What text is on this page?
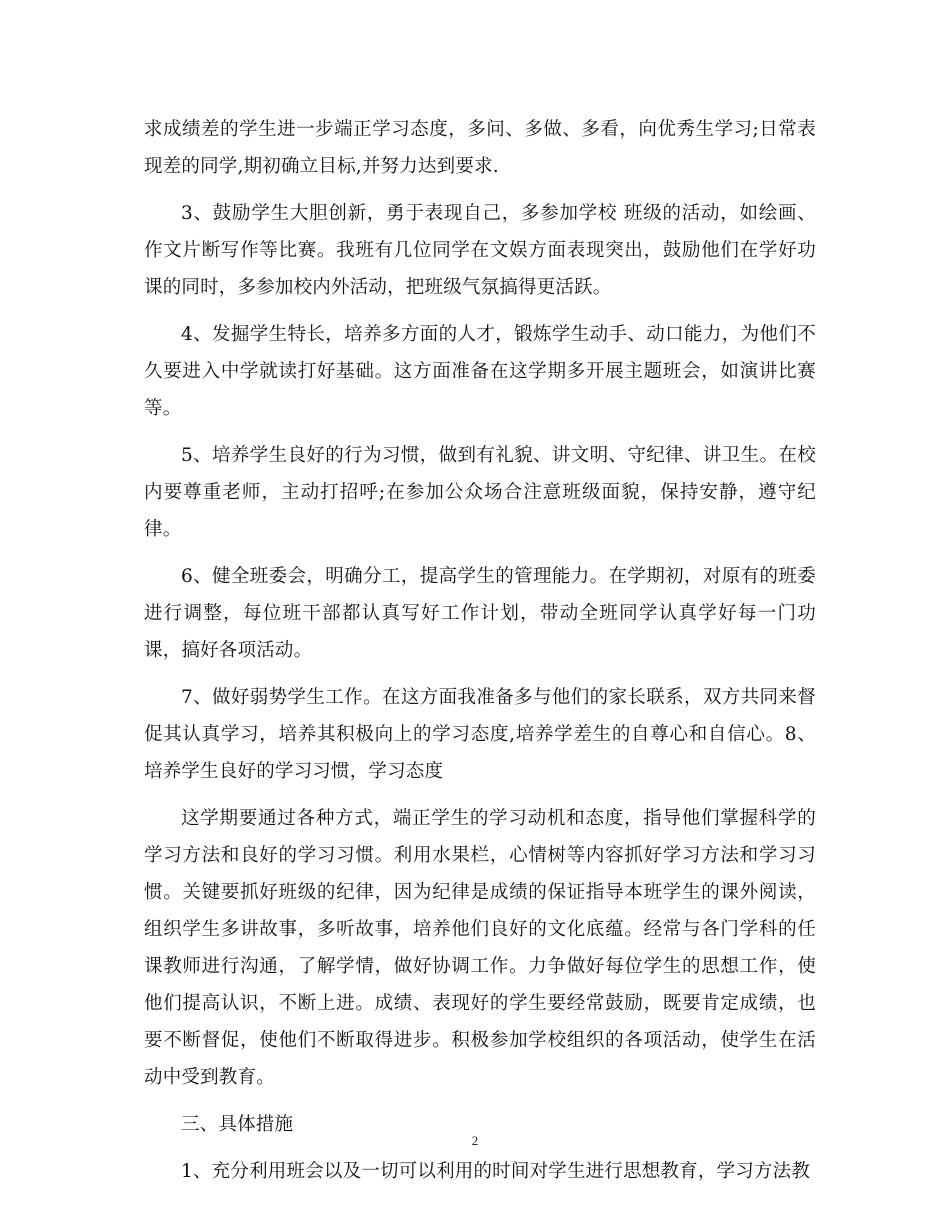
求成绩差的学生进一步端正学习态度，多问、多做、多看，向优秀生学习;日常表现差的同学,期初确立目标,并努力达到要求.

3、鼓励学生大胆创新，勇于表现自己，多参加学校 班级的活动，如绘画、作文片断写作等比赛。我班有几位同学在文娱方面表现突出，鼓励他们在学好功课的同时，多参加校内外活动，把班级气氛搞得更活跃。

4、发掘学生特长，培养多方面的人才，锻炼学生动手、动口能力，为他们不久要进入中学就读打好基础。这方面准备在这学期多开展主题班会，如演讲比赛等。

5、培养学生良好的行为习惯，做到有礼貌、讲文明、守纪律、讲卫生。在校内要尊重老师，主动打招呼;在参加公众场合注意班级面貌，保持安静，遵守纪律。

6、健全班委会，明确分工，提高学生的管理能力。在学期初，对原有的班委进行调整，每位班干部都认真写好工作计划，带动全班同学认真学好每一门功课，搞好各项活动。

7、做好弱势学生工作。在这方面我准备多与他们的家长联系，双方共同来督促其认真学习，培养其积极向上的学习态度,培养学差生的自尊心和自信心。8、培养学生良好的学习习惯，学习态度

这学期要通过各种方式，端正学生的学习动机和态度，指导他们掌握科学的学习方法和良好的学习习惯。利用水果栏，心情树等内容抓好学习方法和学习习惯。关键要抓好班级的纪律，因为纪律是成绩的保证指导本班学生的课外阅读，组织学生多讲故事，多听故事，培养他们良好的文化底蕴。经常与各门学科的任课教师进行沟通，了解学情，做好协调工作。力争做好每位学生的思想工作，使他们提高认识，不断上进。成绩、表现好的学生要经常鼓励，既要肯定成绩，也要不断督促，使他们不断取得进步。积极参加学校组织的各项活动，使学生在活动中受到教育。

三、具体措施

1、充分利用班会以及一切可以利用的时间对学生进行思想教育，学习方法教

2
